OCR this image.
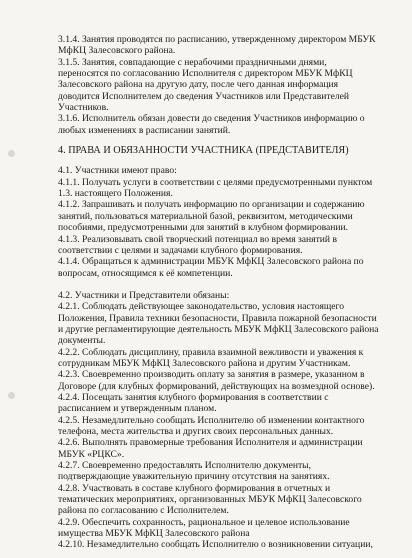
3.1.4. Занятия проводятся по расписанию, утвержденному директором МБУК
МфКЦ Залесовского района.
3.1.5. Занятия, совпадающие с нерабочими праздничными днями,
переносятся по согласованию Исполнителя с директором МБУК МфКЦ
Залесовского района на другую дату, после чего данная информация
доводится Исполнителем до сведения Участников или Представителей
Участников.
3.1.6. Исполнитель обязан довести до сведения Участников информацию о
любых изменениях в расписании занятий.
4. ПРАВА И ОБЯЗАННОСТИ УЧАСТНИКА (ПРЕДСТАВИТЕЛЯ)
4.1. Участники имеют право:
4.1.1. Получать услуги в соответствии с целями предусмотренными пунктом
1.3. настоящего Положения.
4.1.2. Запрашивать и получать информацию по организации и содержанию
занятий, пользоваться материальной базой, реквизитом, методическими
пособиями, предусмотренными для занятий в клубном формировании.
4.1.3. Реализовывать свой творческий потенциал во время занятий в
соответствии с целями и задачами клубного формирования.
4.1.4. Обращаться к администрации МБУК МфКЦ Залесовского района по
вопросам, относящимся к её компетенции.
4.2. Участники и Представители обязаны:
4.2.1. Соблюдать действующее законодательство, условия настоящего
Положения, Правила техники безопасности, Правила пожарной безопасности
и другие регламентирующие деятельность МБУК МфКЦ Залесовского района
документы.
4.2.2. Соблюдать дисциплину, правила взаимной вежливости и уважения к
сотрудникам МБУК МфКЦ Залесовского района и другим Участникам.
4.2.3. Своевременно производить оплату за занятия в размере, указанном в
Договоре (для клубных формирований, действующих на возмездной основе).
4.2.4. Посещать занятия клубного формирования в соответствии с
расписанием и утвержденным планом.
4.2.5. Незамедлительно сообщать Исполнителю об изменении контактного
телефона, места жительства и других своих персональных данных.
4.2.6. Выполнять правомерные требования Исполнителя и администрации
МБУК «РЦКС».
4.2.7. Своевременно предоставлять Исполнителю документы,
подтверждающие уважительную причину отсутствия на занятиях.
4.2.8. Участвовать в составе клубного формирования в отчетных и
тематических мероприятиях, организованных МБУК МфКЦ Залесовского
района по согласованию с Исполнителем.
4.2.9. Обеспечить сохранность, рациональное и целевое использование
имущества МБУК МфКЦ Залесовского района
4.2.10. Незамедлительно сообщать Исполнителю о возникновении ситуации,
